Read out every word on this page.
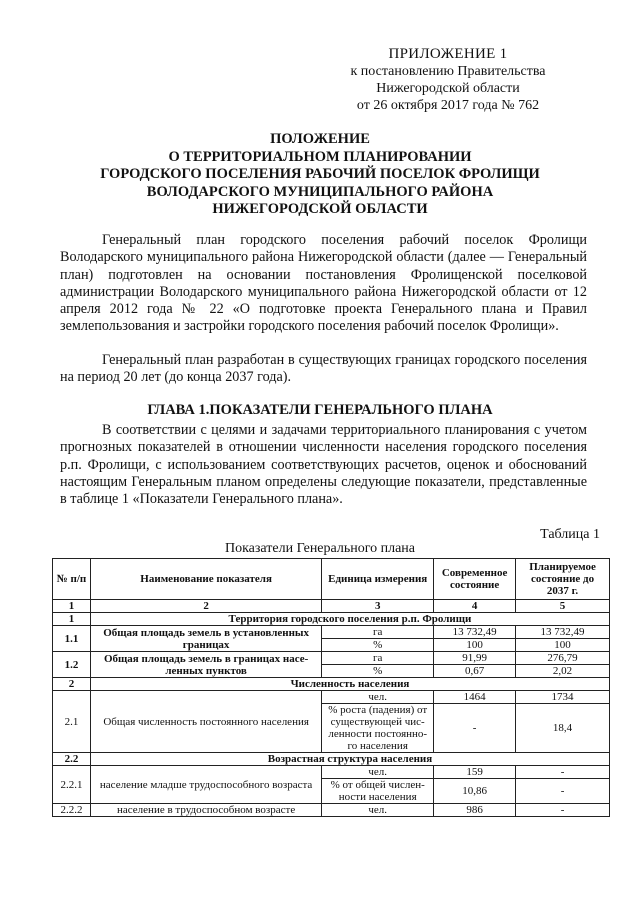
ПРИЛОЖЕНИЕ 1
к постановлению Правительства
Нижегородской области
от 26 октября 2017 года № 762
ПОЛОЖЕНИЕ
О ТЕРРИТОРИАЛЬНОМ ПЛАНИРОВАНИИ
ГОРОДСКОГО ПОСЕЛЕНИЯ РАБОЧИЙ ПОСЕЛОК ФРОЛИЩИ
ВОЛОДАРСКОГО МУНИЦИПАЛЬНОГО РАЙОНА
НИЖЕГОРОДСКОЙ ОБЛАСТИ
Генеральный план городского поселения рабочий поселок Фролищи Володарского муниципального района Нижегородской области (далее — Генеральный план) подготовлен на основании постановления Фролищенской поселковой администрации Володарского муниципального района Нижегородской области от 12 апреля 2012 года № 22 «О подготовке проекта Генерального плана и Правил землепользования и застройки городского поселения рабочий поселок Фролищи».
Генеральный план разработан в существующих границах городского поселения на период 20 лет (до конца 2037 года).
ГЛАВА 1.ПОКАЗАТЕЛИ ГЕНЕРАЛЬНОГО ПЛАНА
В соответствии с целями и задачами территориального планирования с учетом прогнозных показателей в отношении численности населения городского поселения р.п. Фролищи, с использованием соответствующих расчетов, оценок и обоснований настоящим Генеральным планом определены следующие показатели, представленные в таблице 1 «Показатели Генерального плана».
Таблица 1
Показатели Генерального плана
№ п/п	Наименование показателя	Единица измерения	Современное состояние	Планируемое состояние до 2037 г.
1	2	3	4	5
1	Территория городского поселения р.п. Фролищи			
1.1	Общая площадь земель в установленных границах	га	13 732,49	13 732,49
		%	100	100
1.2	Общая площадь земель в границах насе-ленных пунктов	га	91,99	276,79
		%	0,67	2,02
2	Численность населения			
2.1	Общая численность постоянного населения	чел.	1464	1734
		% роста (падения) от существующей чис-ленности постоянно-го населения	-	18,4
2.2	Возрастная структура населения			
2.2.1	население младше трудоспособного возраста	чел.	159	-
		% от общей числен-ности населения	10,86	-
2.2.2	население в трудоспособном возрасте	чел.	986	-
